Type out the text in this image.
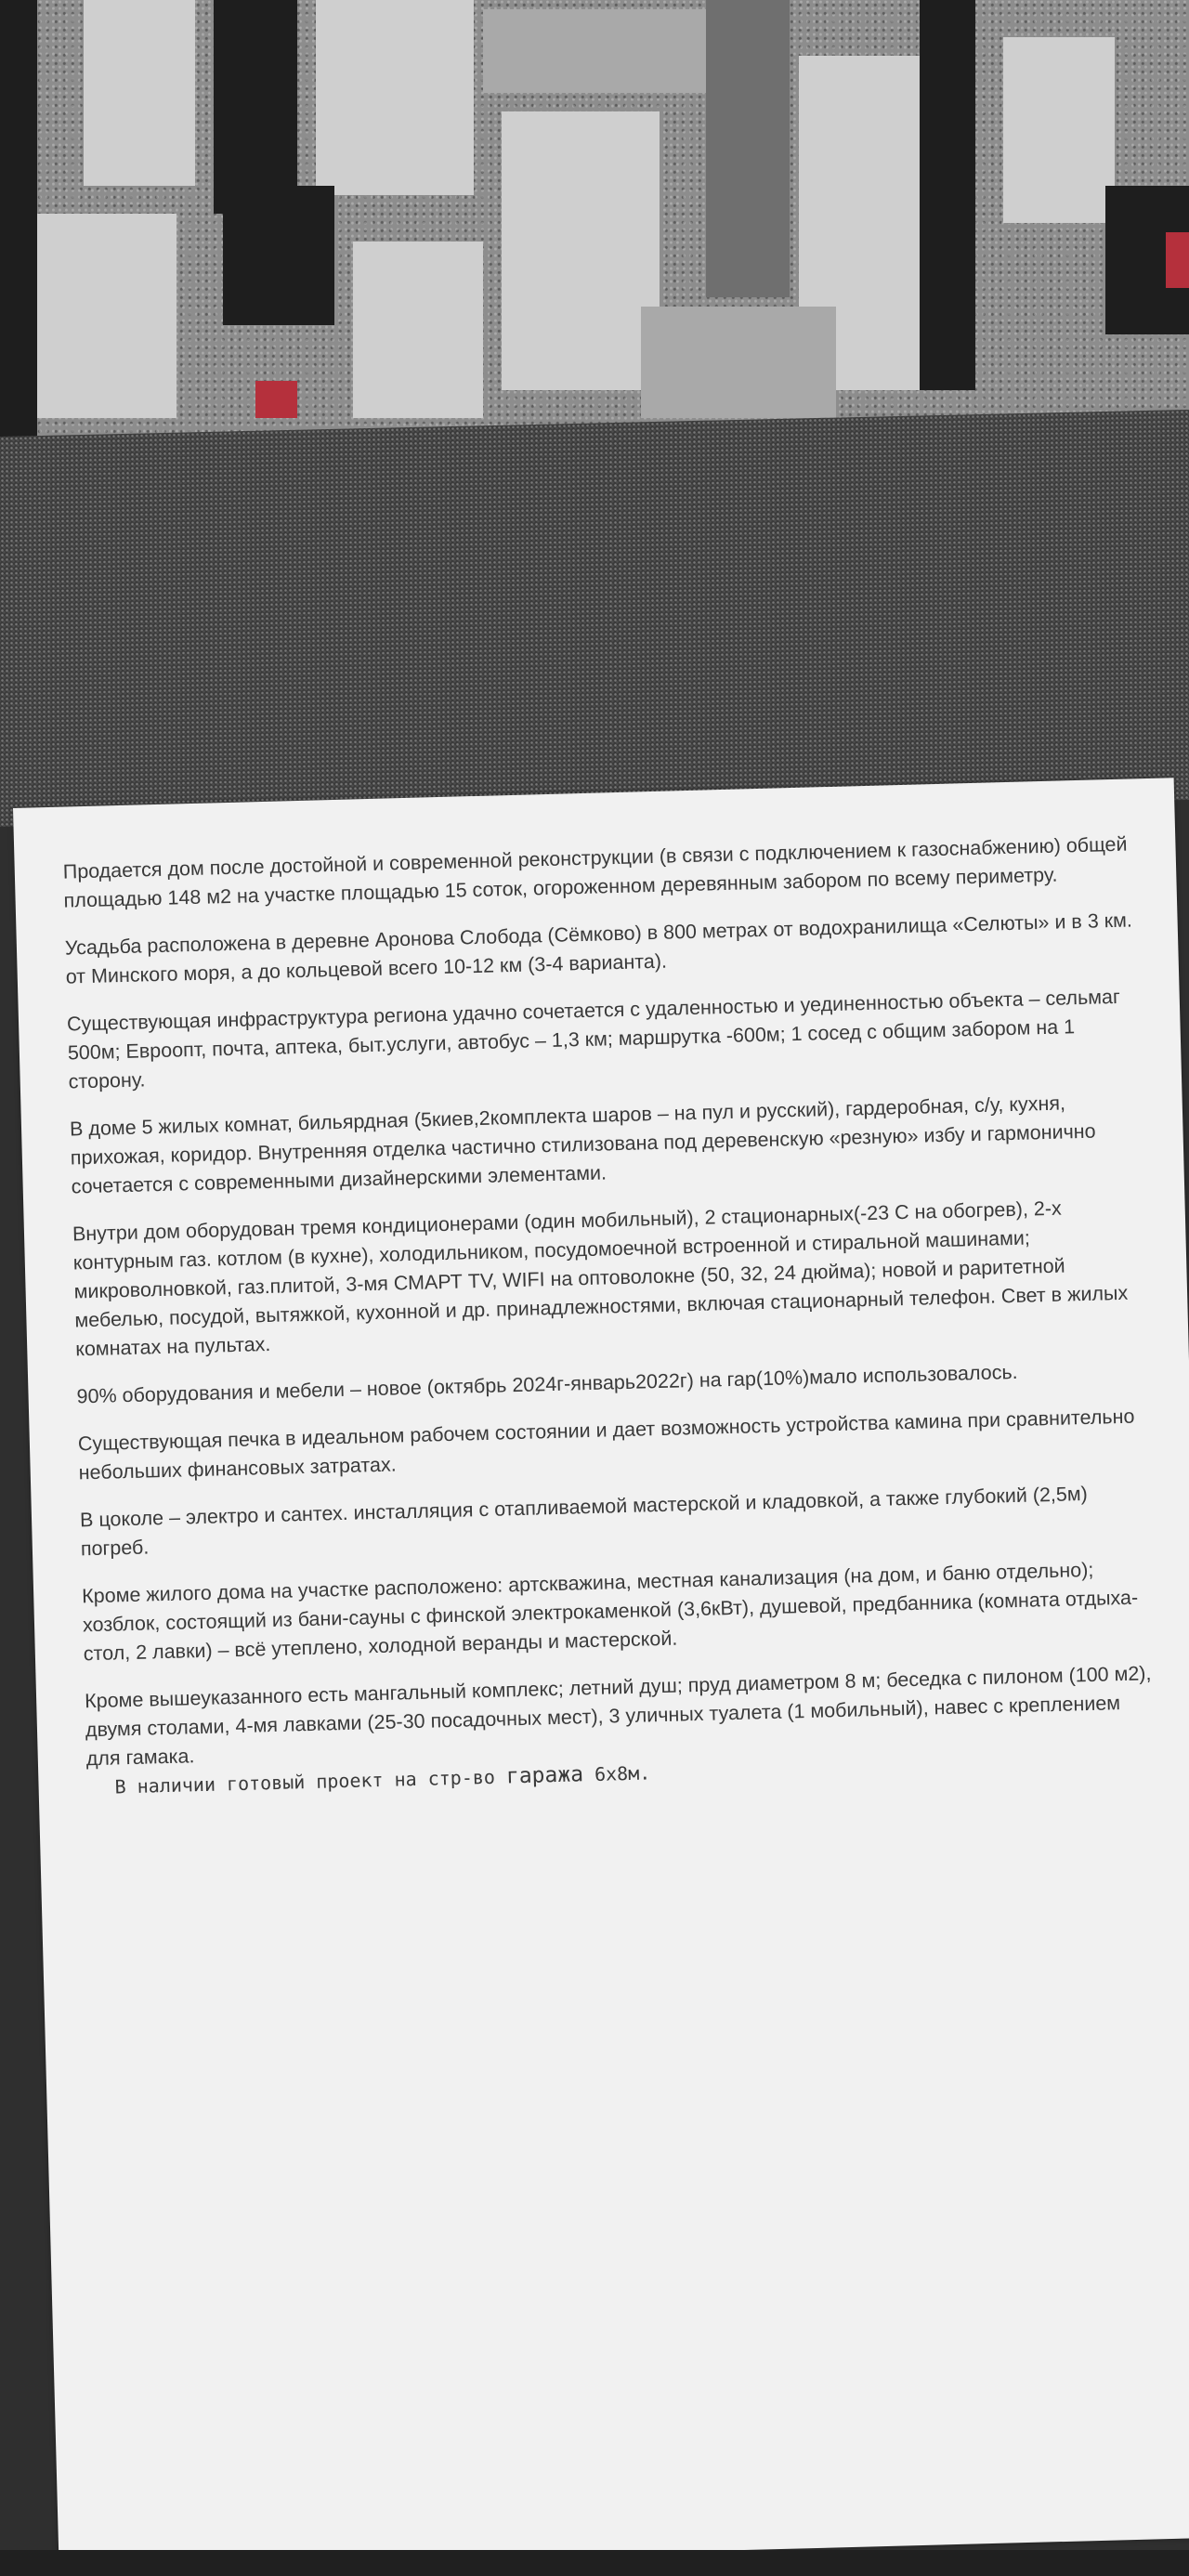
Продается дом после достойной и современной реконструкции (в связи с подключением к газоснабжению) общей площадью 148 м2 на участке площадью 15 соток, огороженном деревянным забором по всему периметру.

Усадьба расположена в деревне Аронова Слобода (Сёмково) в 800 метрах от водохранилища «Селюты» и в 3 км. от Минского моря, а до кольцевой всего 10-12 км (3-4 варианта).

Существующая инфраструктура региона удачно сочетается с удаленностью и уединенностью объекта – сельмаг 500м; Евроопт, почта, аптека, быт.услуги, автобус – 1,3 км; маршрутка -600м; 1 сосед с общим забором на 1 сторону.

В доме 5 жилых комнат, бильярдная (5киев,2комплекта шаров – на пул и русский), гардеробная, с/у, кухня, прихожая, коридор. Внутренняя отделка частично стилизована под деревенскую «резную» избу и гармонично сочетается с современными дизайнерскими элементами.

Внутри дом оборудован тремя кондиционерами (один мобильный), 2 стационарных(-23 С на обогрев), 2-х контурным газ. котлом (в кухне), холодильником, посудомоечной встроенной и стиральной машинами; микроволновкой, газ.плитой, 3-мя СМАРТ TV, WIFI на оптоволокне (50, 32, 24 дюйма); новой и раритетной мебелью, посудой, вытяжкой, кухонной и др. принадлежностями, включая стационарный телефон. Свет в жилых комнатах на пультах.

90% оборудования и мебели – новое (октябрь 2024г-январь2022г) на гар(10%)мало использовалось.

Существующая печка в идеальном рабочем состоянии и дает возможность устройства камина при сравнительно небольших финансовых затратах.

В цоколе – электро и сантех. инсталляция с отапливаемой мастерской и кладовкой, а также глубокий (2,5м) погреб.

Кроме жилого дома на участке расположено: артскважина, местная канализация (на дом, и баню отдельно); хозблок, состоящий из бани-сауны с финской электрокаменкой (3,6кВт), душевой, предбанника (комната отдыха-стол, 2 лавки) – всё утеплено, холодной веранды и мастерской.

Кроме вышеуказанного есть мангальный комплекс; летний душ; пруд диаметром 8 м; беседка с пилоном (100 м2), двумя столами, 4-мя лавками (25-30 посадочных мест), 3 уличных туалета (1 мобильный), навес с креплением для гамака.

В наличии готовый проект на стр-во гаража 6х8м.
